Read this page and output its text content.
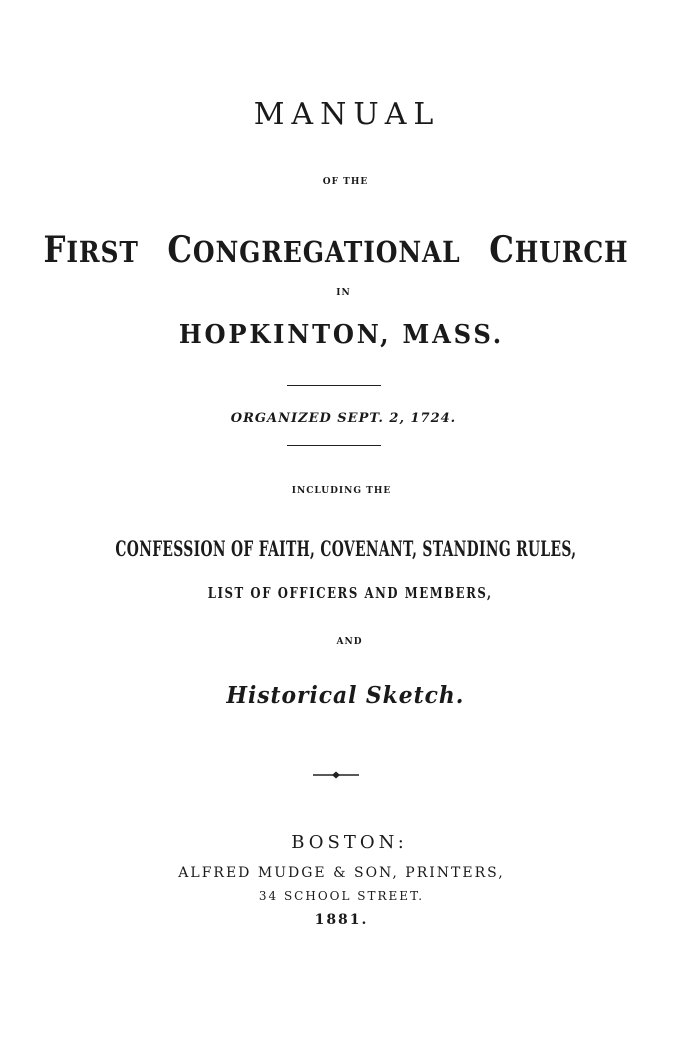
MANUAL
OF THE
FIRST CONGREGATIONAL CHURCH
IN
HOPKINTON, MASS.
ORGANIZED SEPT. 2, 1724.
INCLUDING THE
CONFESSION OF FAITH, COVENANT, STANDING RULES,
LIST OF OFFICERS AND MEMBERS,
AND
Historical Sketch.
BOSTON:
ALFRED MUDGE & SON, PRINTERS,
34 SCHOOL STREET.
1881.
